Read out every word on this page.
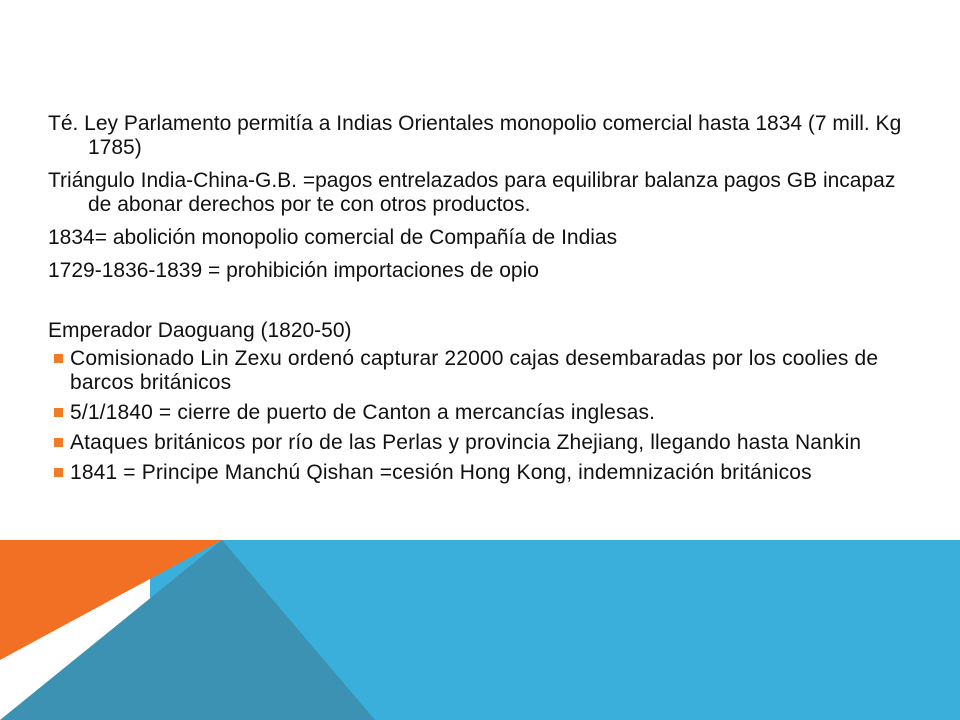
Té. Ley Parlamento permitía a Indias Orientales monopolio comercial hasta 1834 (7 mill. Kg 1785)

Triángulo India-China-G.B. =pagos entrelazados para equilibrar balanza pagos GB incapaz de abonar derechos por te con otros productos.

1834= abolición monopolio comercial de Compañía de Indias

1729-1836-1839 = prohibición importaciones de opio

Emperador Daoguang (1820-50)

Comisionado Lin Zexu ordenó capturar 22000 cajas desembaradas por los coolies de barcos británicos
5/1/1840 = cierre de puerto de Canton a mercancías inglesas.
Ataques británicos por río de las Perlas y provincia Zhejiang, llegando hasta Nankin
1841 = Principe Manchú Qishan =cesión Hong Kong, indemnización británicos
